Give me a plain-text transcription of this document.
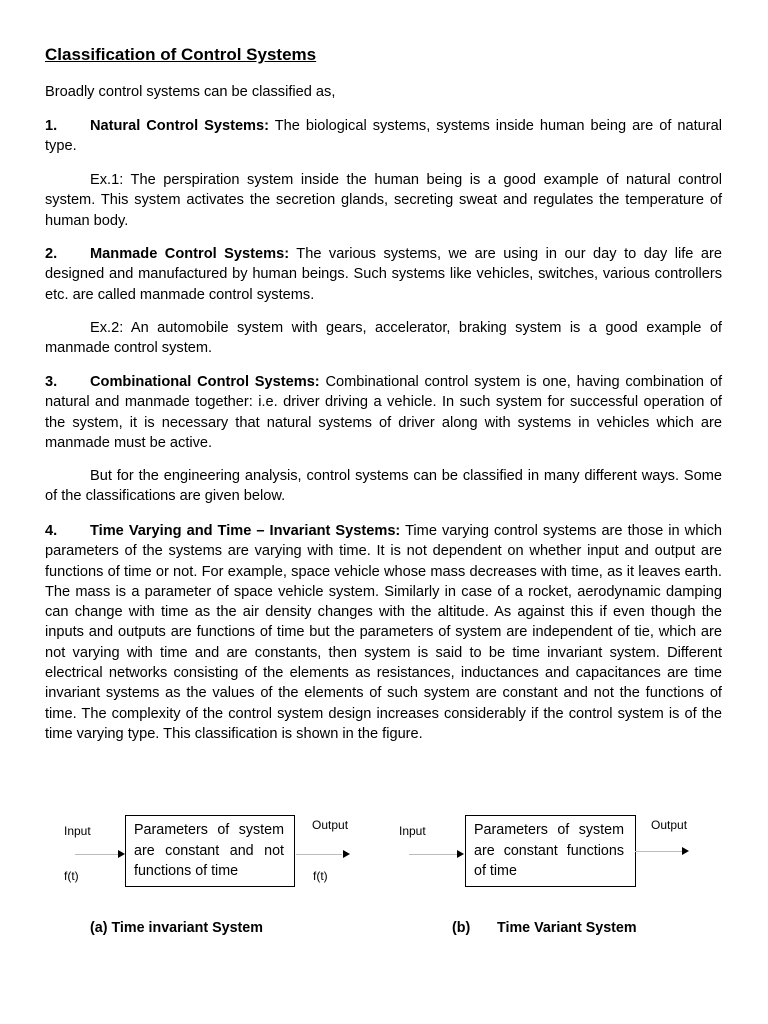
Classification of Control Systems

Broadly control systems can be classified as,

1. Natural Control Systems: The biological systems, systems inside human being are of natural type.

Ex.1: The perspiration system inside the human being is a good example of natural control system. This system activates the secretion glands, secreting sweat and regulates the temperature of human body.

2. Manmade Control Systems: The various systems, we are using in our day to day life are designed and manufactured by human beings. Such systems like vehicles, switches, various controllers etc. are called manmade control systems.

Ex.2: An automobile system with gears, accelerator, braking system is a good example of manmade control system.

3. Combinational Control Systems: Combinational control system is one, having combination of natural and manmade together: i.e. driver driving a vehicle. In such system for successful operation of the system, it is necessary that natural systems of driver along with systems in vehicles which are manmade must be active.

But for the engineering analysis, control systems can be classified in many different ways. Some of the classifications are given below.

4. Time Varying and Time – Invariant Systems: Time varying control systems are those in which parameters of the systems are varying with time. It is not dependent on whether input and output are functions of time or not. For example, space vehicle whose mass decreases with time, as it leaves earth. The mass is a parameter of space vehicle system. Similarly in case of a rocket, aerodynamic damping can change with time as the air density changes with the altitude. As against this if even though the inputs and outputs are functions of time but the parameters of system are independent of tie, which are not varying with time and are constants, then system is said to be time invariant system. Different electrical networks consisting of the elements as resistances, inductances and capacitances are time invariant systems as the values of the elements of such system are constant and not the functions of time. The complexity of the control system design increases considerably if the control system is of the time varying type. This classification is shown in the figure.

Input
f(t)
Parameters of system are constant and not functions of time
Output
f(t)
(a) Time invariant System
Input	Parameters of system are constant functions of time
Output
(b) Time Variant System
